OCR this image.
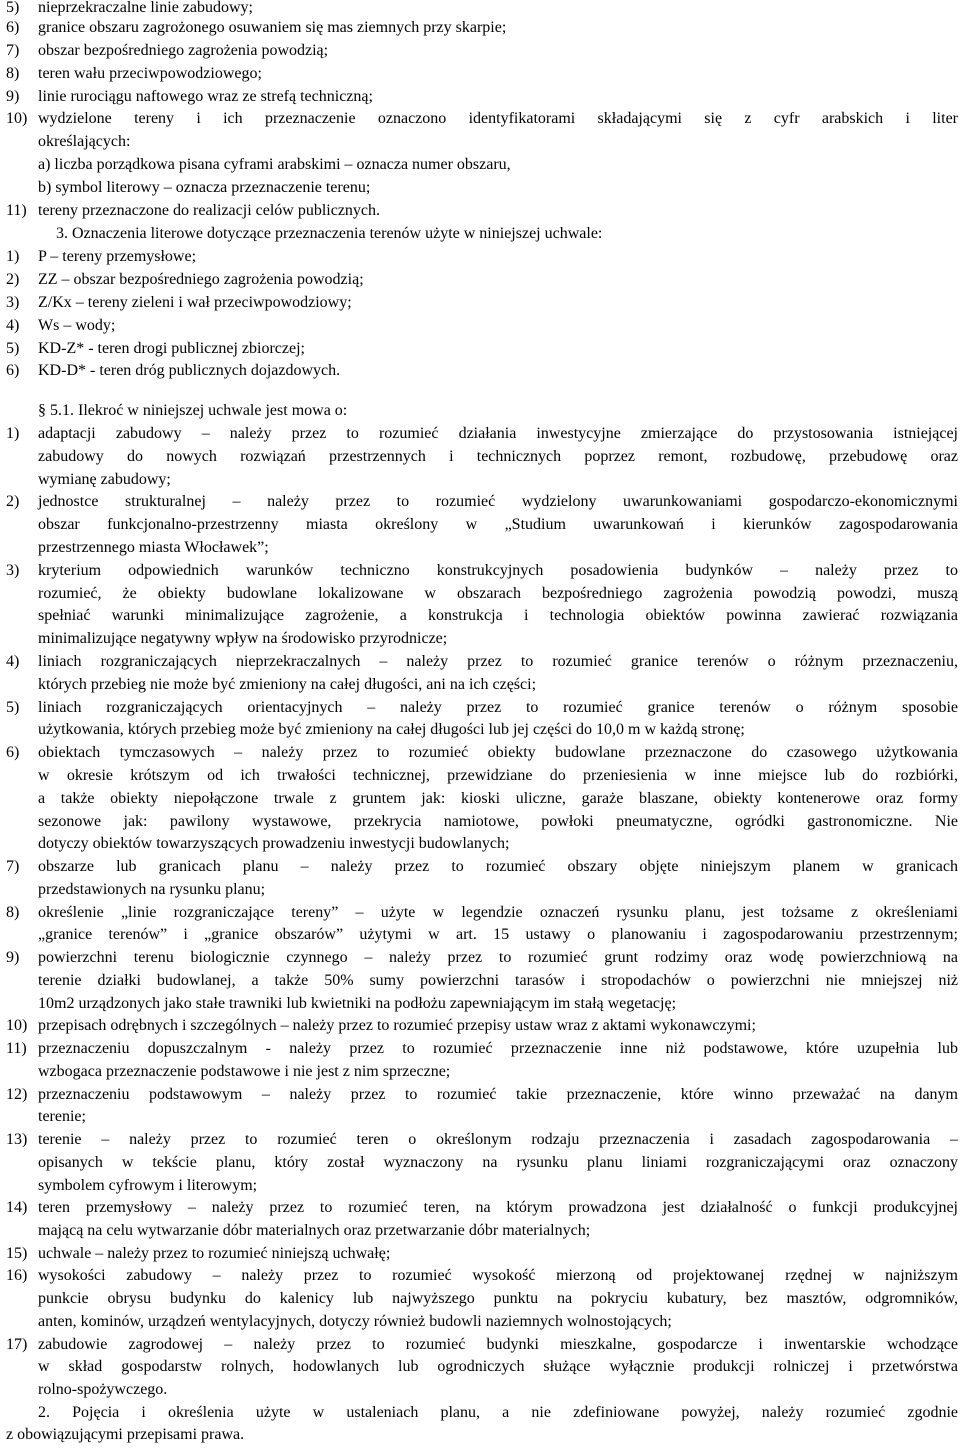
5) nieprzekraczalne linie zabudowy;
6) granice obszaru zagrożonego osuwaniem się mas ziemnych przy skarpie;
7) obszar bezpośredniego zagrożenia powodzią;
8) teren wału przeciwpowodziowego;
9) linie rurociągu naftowego wraz ze strefą techniczną;
10) wydzielone tereny i ich przeznaczenie oznaczono identyfikatorami składającymi się z cyfr arabskich i liter
określających:
a) liczba porządkowa pisana cyframi arabskimi – oznacza numer obszaru,
b) symbol literowy – oznacza przeznaczenie terenu;
11) tereny przeznaczone do realizacji celów publicznych.
3. Oznaczenia literowe dotyczące przeznaczenia terenów użyte w niniejszej uchwale:
1) P – tereny przemysłowe;
2) ZZ – obszar bezpośredniego zagrożenia powodzią;
3) Z/Kx – tereny zieleni i wał przeciwpowodziowy;
4) Ws – wody;
5) KD-Z* - teren drogi publicznej zbiorczej;
6) KD-D* - teren dróg publicznych dojazdowych.
§ 5.1. Ilekroć w niniejszej uchwale jest mowa o:
1) adaptacji zabudowy – należy przez to rozumieć działania inwestycyjne zmierzające do przystosowania istniejącej
zabudowy do nowych rozwiązań przestrzennych i technicznych poprzez remont, rozbudowę, przebudowę oraz
wymianę zabudowy;
2) jednostce strukturalnej – należy przez to rozumieć wydzielony uwarunkowaniami gospodarczo-ekonomicznymi
obszar funkcjonalno-przestrzenny miasta określony w „Studium uwarunkowań i kierunków zagospodarowania
przestrzennego miasta Włocławek”;
3) kryterium odpowiednich warunków techniczno konstrukcyjnych posadowienia budynków – należy przez to
rozumieć, że obiekty budowlane lokalizowane w obszarach bezpośredniego zagrożenia powodzią powodzi, muszą
spełniać warunki minimalizujące zagrożenie, a konstrukcja i technologia obiektów powinna zawierać rozwiązania
minimalizujące negatywny wpływ na środowisko przyrodnicze;
4) liniach rozgraniczających nieprzekraczalnych – należy przez to rozumieć granice terenów o różnym przeznaczeniu,
których przebieg nie może być zmieniony na całej długości, ani na ich części;
5) liniach rozgraniczających orientacyjnych – należy przez to rozumieć granice terenów o różnym sposobie
użytkowania, których przebieg może być zmieniony na całej długości lub jej części do 10,0 m w każdą stronę;
6) obiektach tymczasowych – należy przez to rozumieć obiekty budowlane przeznaczone do czasowego użytkowania
w okresie krótszym od ich trwałości technicznej, przewidziane do przeniesienia w inne miejsce lub do rozbiórki,
a także obiekty niepołączone trwale z gruntem jak: kioski uliczne, garaże blaszane, obiekty kontenerowe oraz formy
sezonowe jak: pawilony wystawowe, przekrycia namiotowe, powłoki pneumatyczne, ogródki gastronomiczne. Nie
dotyczy obiektów towarzyszących prowadzeniu inwestycji budowlanych;
7) obszarze lub granicach planu – należy przez to rozumieć obszary objęte niniejszym planem w granicach
przedstawionych na rysunku planu;
8) określenie „linie rozgraniczające tereny” – użyte w legendzie oznaczeń rysunku planu, jest tożsame z określeniami
„granice terenów” i „granice obszarów” użytymi w art. 15 ustawy o planowaniu i zagospodarowaniu przestrzennym;
9) powierzchni terenu biologicznie czynnego – należy przez to rozumieć grunt rodzimy oraz wodę powierzchniową na
terenie działki budowlanej, a także 50% sumy powierzchni tarasów i stropodachów o powierzchni nie mniejszej niż
10m2 urządzonych jako stałe trawniki lub kwietniki na podłożu zapewniającym im stałą wegetację;
10) przepisach odrębnych i szczególnych – należy przez to rozumieć przepisy ustaw wraz z aktami wykonawczymi;
11) przeznaczeniu dopuszczalnym - należy przez to rozumieć przeznaczenie inne niż podstawowe, które uzupełnia lub
wzbogaca przeznaczenie podstawowe i nie jest z nim sprzeczne;
12) przeznaczeniu podstawowym – należy przez to rozumieć takie przeznaczenie, które winno przeważać na danym
terenie;
13) terenie – należy przez to rozumieć teren o określonym rodzaju przeznaczenia i zasadach zagospodarowania –
opisanych w tekście planu, który został wyznaczony na rysunku planu liniami rozgraniczającymi oraz oznaczony
symbolem cyfrowym i literowym;
14) teren przemysłowy – należy przez to rozumieć teren, na którym prowadzona jest działalność o funkcji produkcyjnej
mającą na celu wytwarzanie dóbr materialnych oraz przetwarzanie dóbr materialnych;
15) uchwale – należy przez to rozumieć niniejszą uchwałę;
16) wysokości zabudowy – należy przez to rozumieć wysokość mierzoną od projektowanej rzędnej w najniższym
punkcie obrysu budynku do kalenicy lub najwyższego punktu na pokryciu kubatury, bez masztów, odgromników,
anten, kominów, urządzeń wentylacyjnych, dotyczy również budowli naziemnych wolnostojących;
17) zabudowie zagrodowej – należy przez to rozumieć budynki mieszkalne, gospodarcze i inwentarskie wchodzące
w skład gospodarstw rolnych, hodowlanych lub ogrodniczych służące wyłącznie produkcji rolniczej i przetwórstwa
rolno-spożywczego.
2. Pojęcia i określenia użyte w ustaleniach planu, a nie zdefiniowane powyżej, należy rozumieć zgodnie
z obowiązującymi przepisami prawa.
